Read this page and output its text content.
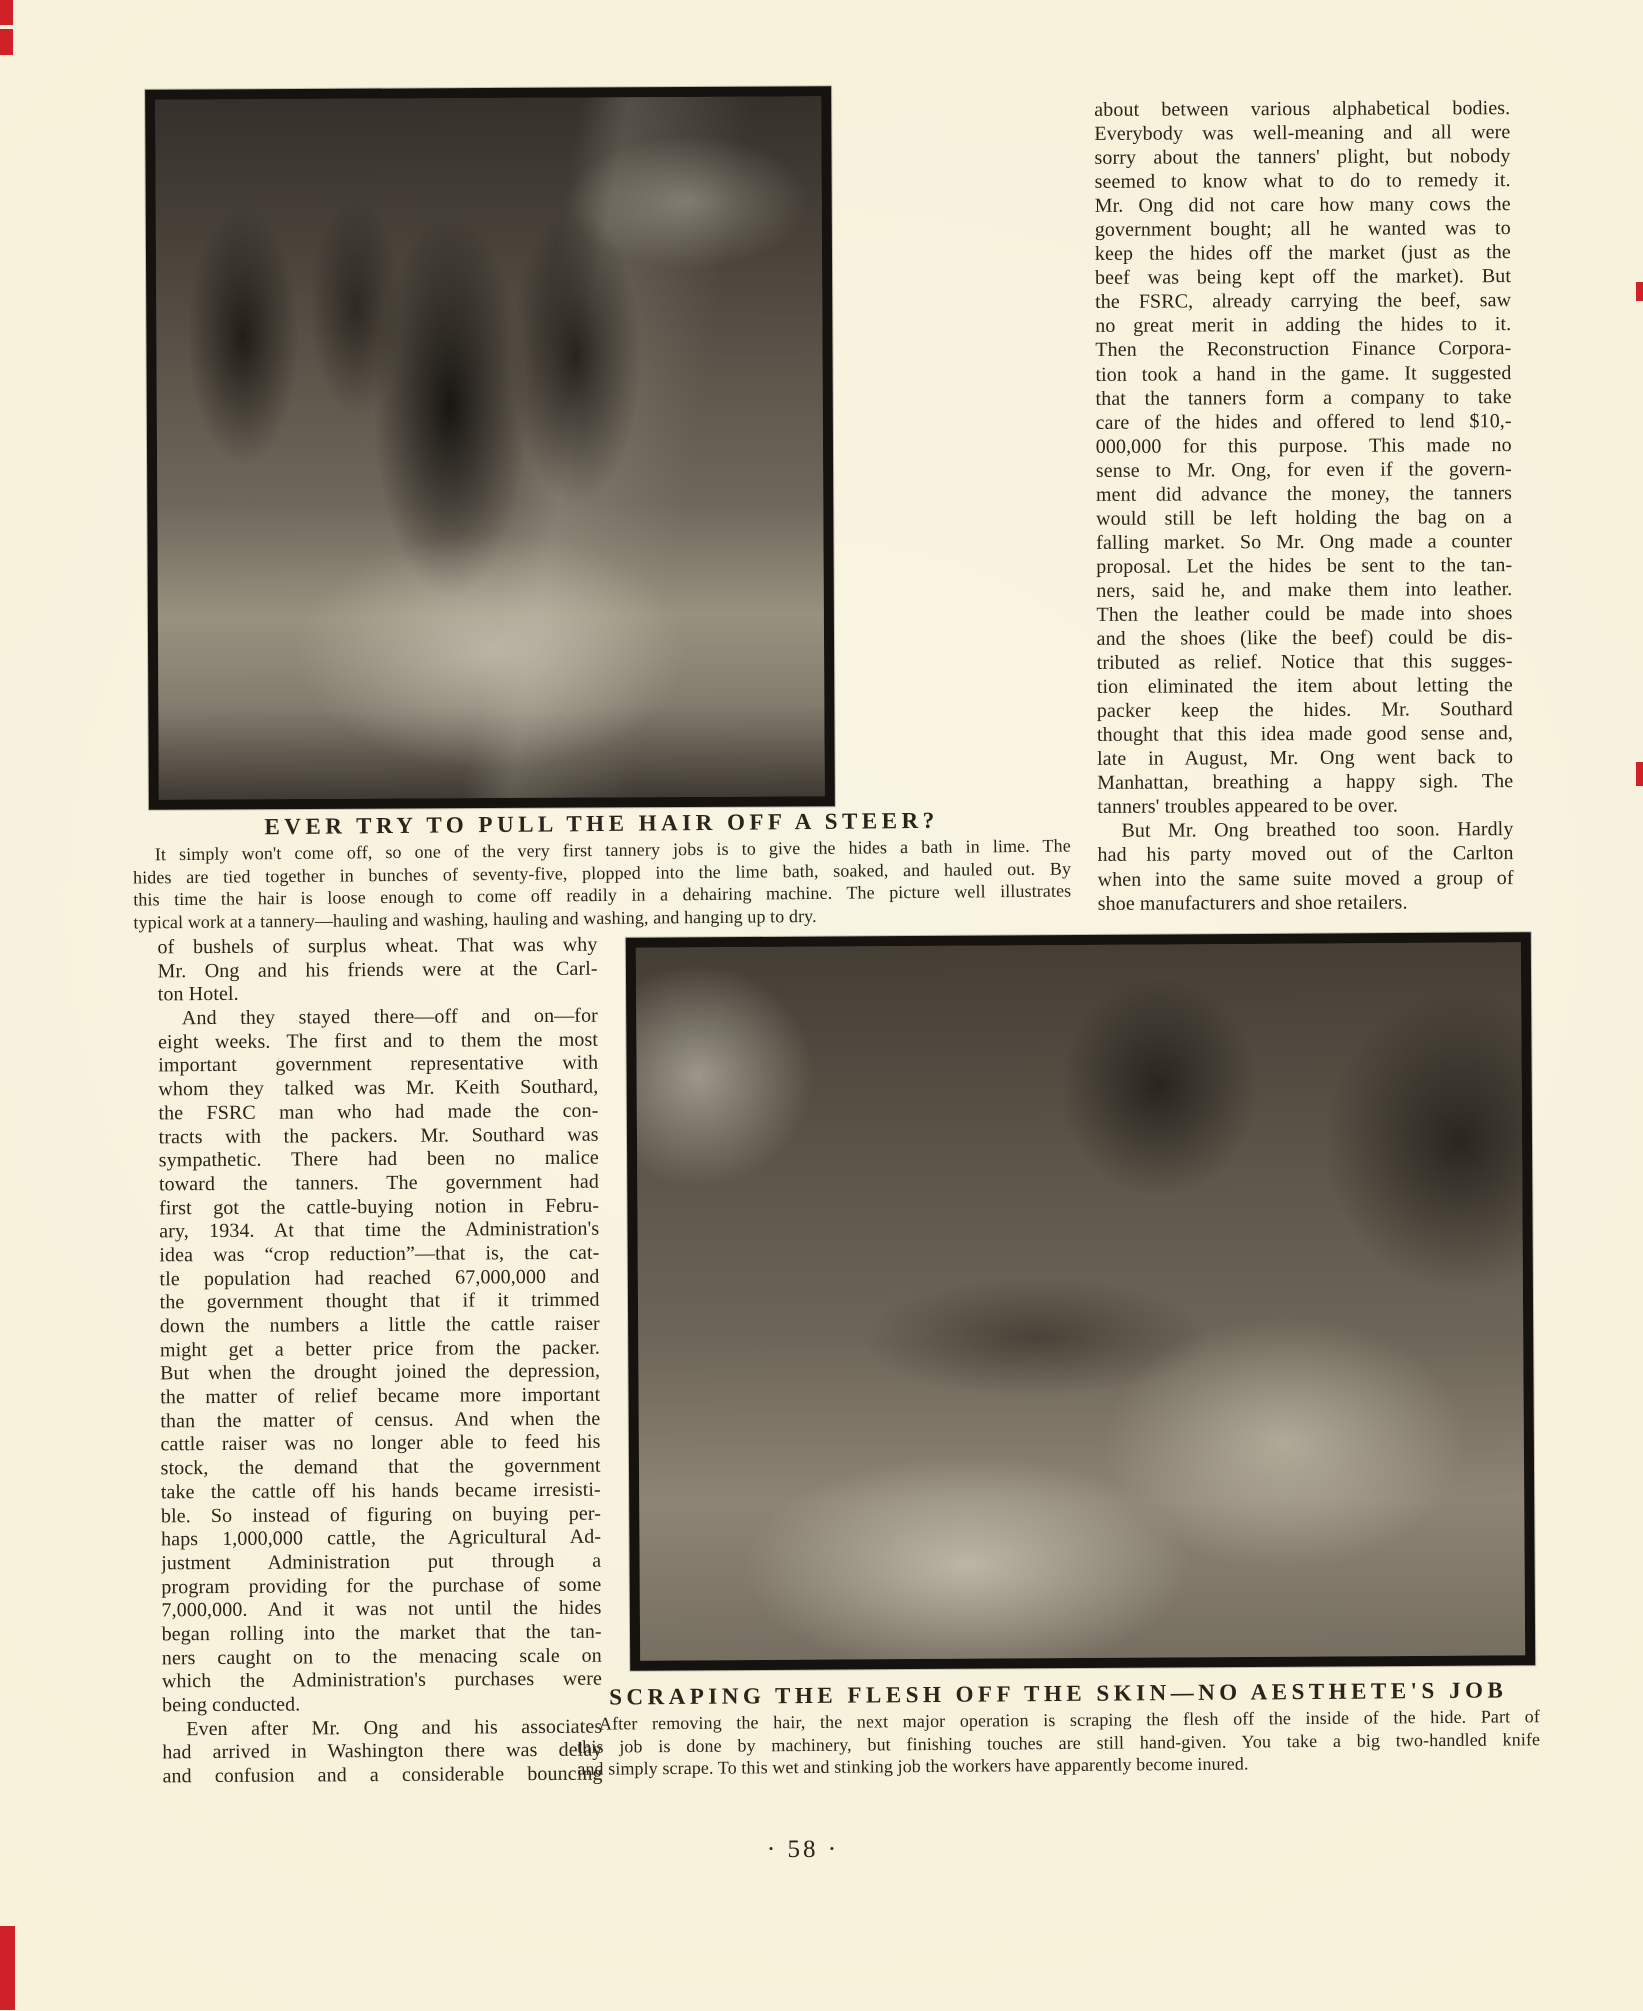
about between various alphabetical bodies.
Everybody was well-meaning and all were
sorry about the tanners' plight, but nobody
seemed to know what to do to remedy it.
Mr. Ong did not care how many cows the
government bought; all he wanted was to
keep the hides off the market (just as the
beef was being kept off the market). But
the FSRC, already carrying the beef, saw
no great merit in adding the hides to it.
Then the Reconstruction Finance Corpora-
tion took a hand in the game. It suggested
that the tanners form a company to take
care of the hides and offered to lend $10,-
000,000 for this purpose. This made no
sense to Mr. Ong, for even if the govern-
ment did advance the money, the tanners
would still be left holding the bag on a
falling market. So Mr. Ong made a counter
proposal. Let the hides be sent to the tan-
ners, said he, and make them into leather.
Then the leather could be made into shoes
and the shoes (like the beef) could be dis-
tributed as relief. Notice that this sugges-
tion eliminated the item about letting the
packer keep the hides. Mr. Southard
thought that this idea made good sense and,
late in August, Mr. Ong went back to
Manhattan, breathing a happy sigh. The
tanners' troubles appeared to be over.
But Mr. Ong breathed too soon. Hardly
had his party moved out of the Carlton
when into the same suite moved a group of
shoe manufacturers and shoe retailers.
EVER TRY TO PULL THE HAIR OFF A STEER?
It simply won't come off, so one of the very first tannery jobs is to give the hides a bath in lime. The
hides are tied together in bunches of seventy-five, plopped into the lime bath, soaked, and hauled out. By
this time the hair is loose enough to come off readily in a dehairing machine. The picture well illustrates
typical work at a tannery—hauling and washing, hauling and washing, and hanging up to dry.
of bushels of surplus wheat. That was why
Mr. Ong and his friends were at the Carl-
ton Hotel.
And they stayed there—off and on—for
eight weeks. The first and to them the most
important government representative with
whom they talked was Mr. Keith Southard,
the FSRC man who had made the con-
tracts with the packers. Mr. Southard was
sympathetic. There had been no malice
toward the tanners. The government had
first got the cattle-buying notion in Febru-
ary, 1934. At that time the Administration's
idea was “crop reduction”—that is, the cat-
tle population had reached 67,000,000 and
the government thought that if it trimmed
down the numbers a little the cattle raiser
might get a better price from the packer.
But when the drought joined the depression,
the matter of relief became more important
than the matter of census. And when the
cattle raiser was no longer able to feed his
stock, the demand that the government
take the cattle off his hands became irresisti-
ble. So instead of figuring on buying per-
haps 1,000,000 cattle, the Agricultural Ad-
justment Administration put through a
program providing for the purchase of some
7,000,000. And it was not until the hides
began rolling into the market that the tan-
ners caught on to the menacing scale on
which the Administration's purchases were
being conducted.
Even after Mr. Ong and his associates
had arrived in Washington there was delay
and confusion and a considerable bouncing
SCRAPING THE FLESH OFF THE SKIN—NO AESTHETE'S JOB
After removing the hair, the next major operation is scraping the flesh off the inside of the hide. Part of
this job is done by machinery, but finishing touches are still hand-given. You take a big two-handled knife
and simply scrape. To this wet and stinking job the workers have apparently become inured.
· 58 ·
